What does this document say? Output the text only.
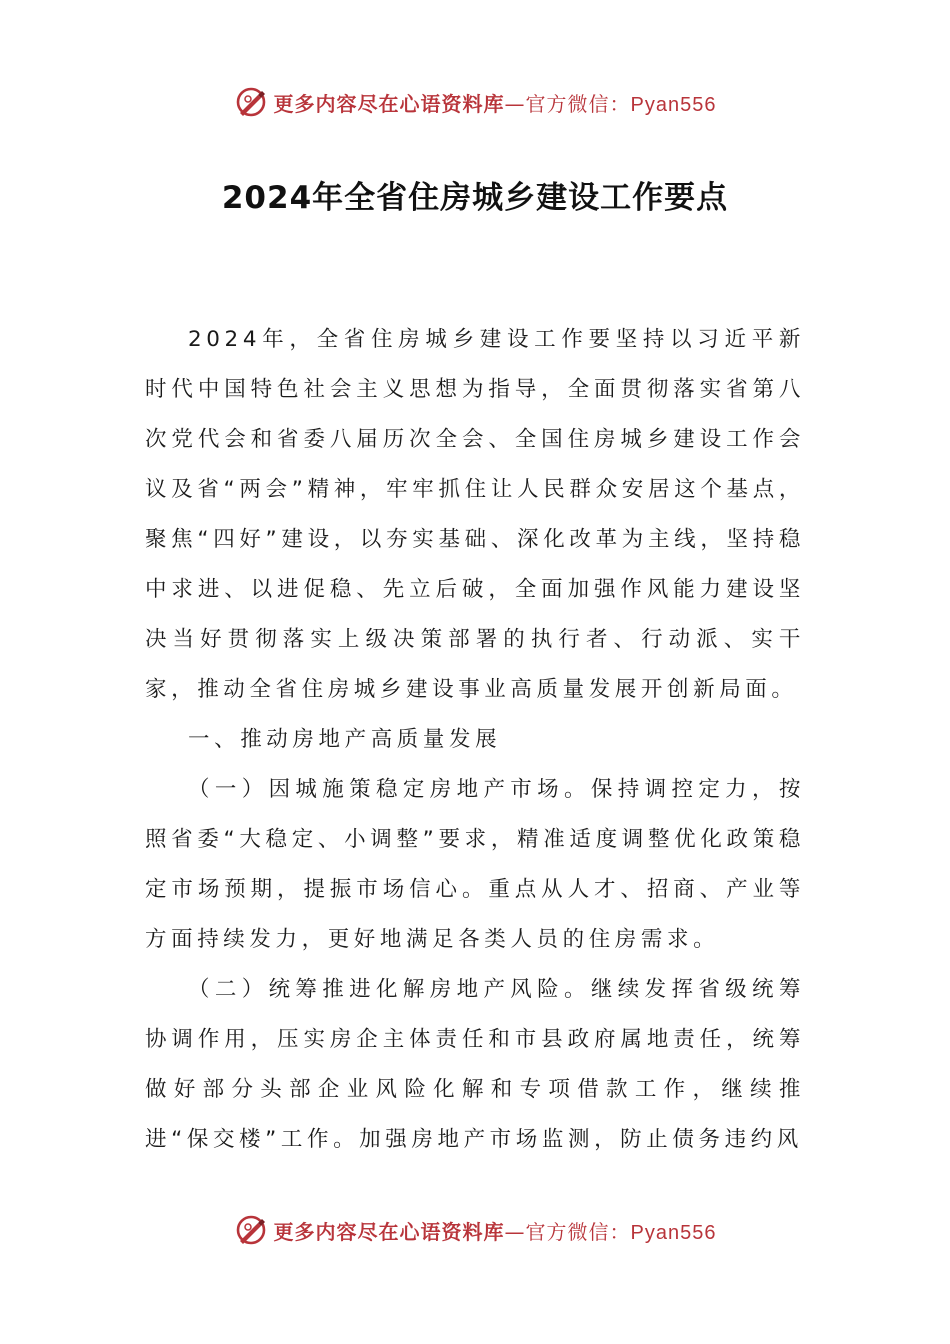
更多内容尽在心语资料库—官方微信：Pyan556
2024年全省住房城乡建设工作要点

2024年，全省住房城乡建设工作要坚持以习近平新时代中国特色社会主义思想为指导，全面贯彻落实省第八次党代会和省委八届历次全会、全国住房城乡建设工作会议及省“两会”精神，牢牢抓住让人民群众安居这个基点，聚焦“四好”建设，以夯实基础、深化改革为主线，坚持稳中求进、以进促稳、先立后破，全面加强作风能力建设坚决当好贯彻落实上级决策部署的执行者、行动派、实干家，推动全省住房城乡建设事业高质量发展开创新局面。

一、推动房地产高质量发展

（一）因城施策稳定房地产市场。保持调控定力，按照省委“大稳定、小调整”要求，精准适度调整优化政策稳定市场预期，提振市场信心。重点从人才、招商、产业等方面持续发力，更好地满足各类人员的住房需求。

（二）统筹推进化解房地产风险。继续发挥省级统筹协调作用，压实房企主体责任和市县政府属地责任，统筹做好部分头部企业风险化解和专项借款工作，继续推进“保交楼”工作。加强房地产市场监测，防止债务违约风

更多内容尽在心语资料库—官方微信：Pyan556
